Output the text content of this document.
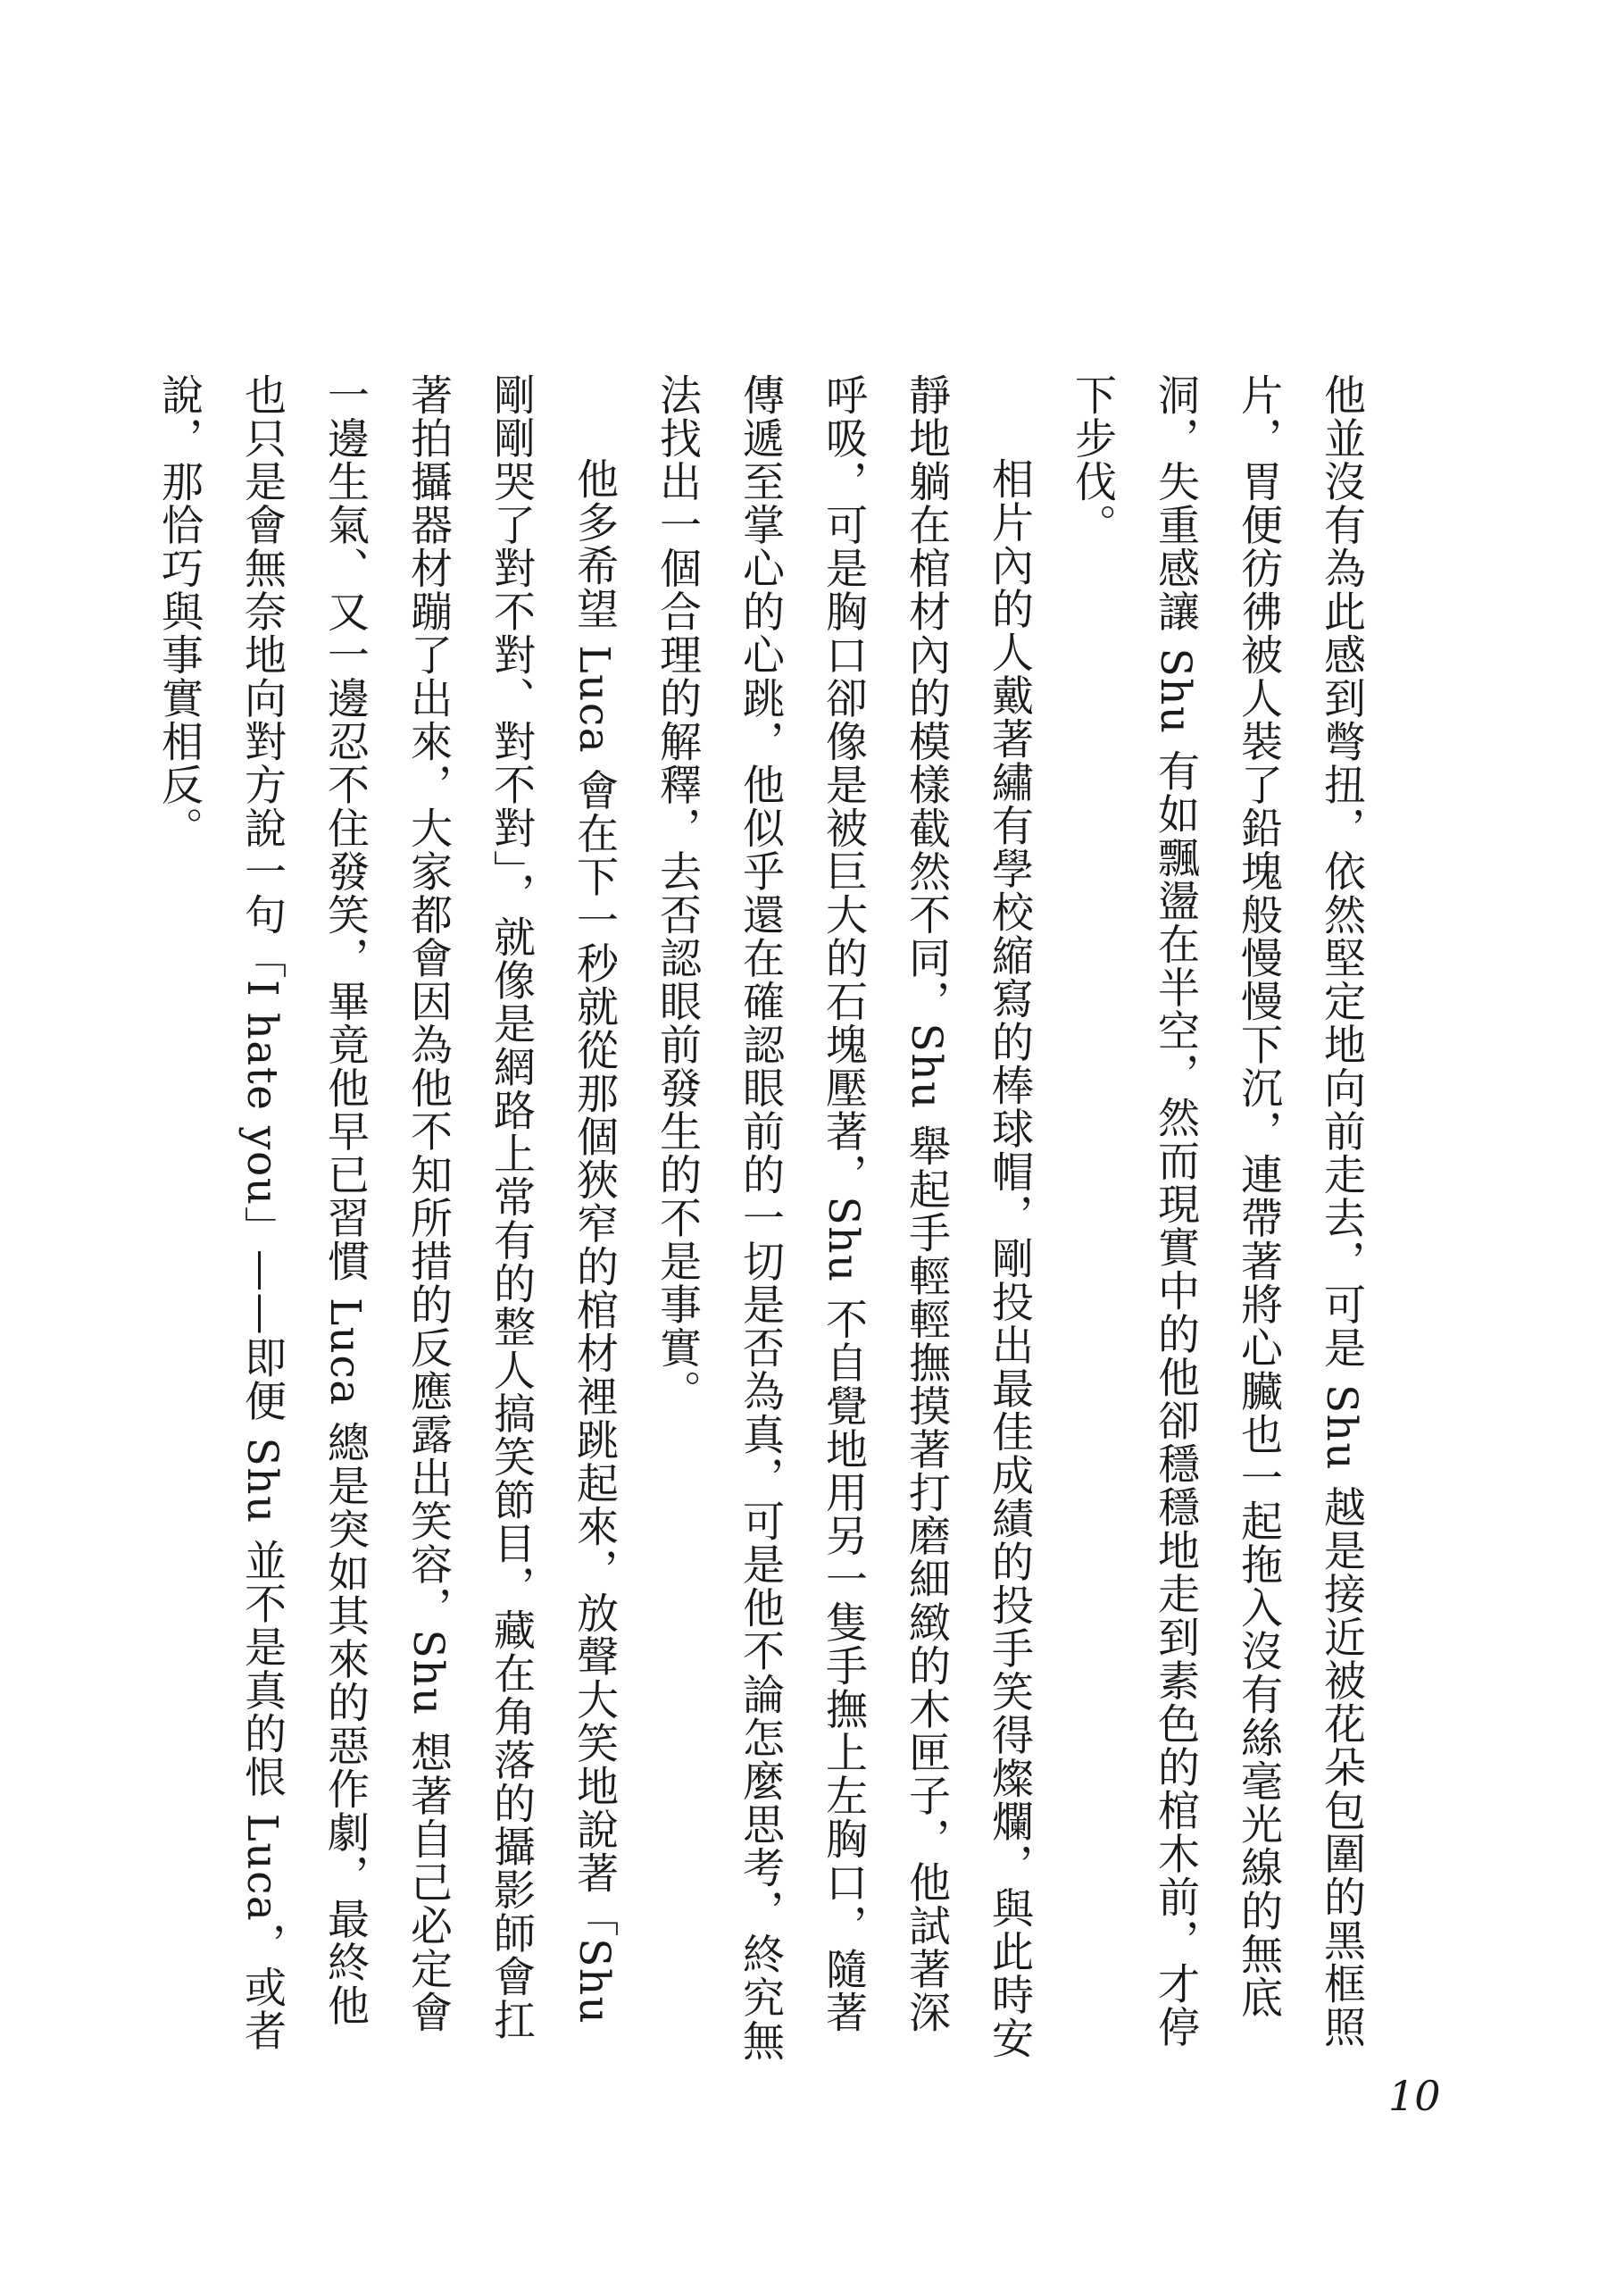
他並沒有為此感到彆扭，依然堅定地向前走去，可是 Shu 越是接近被花朵包圍的黑框照片，胃便彷彿被人裝了鉛塊般慢慢下沉，連帶著將心臟也一起拖入沒有絲毫光線的無底洞，失重感讓 Shu 有如飄盪在半空，然而現實中的他卻穩穩地走到素色的棺木前，才停下步伐。

相片內的人戴著繡有學校縮寫的棒球帽，剛投出最佳成績的投手笑得燦爛，與此時安靜地躺在棺材內的模樣截然不同，Shu 舉起手輕輕撫摸著打磨細緻的木匣子，他試著深呼吸，可是胸口卻像是被巨大的石塊壓著，Shu 不自覺地用另一隻手撫上左胸口，隨著傳遞至掌心的心跳，他似乎還在確認眼前的一切是否為真，可是他不論怎麼思考，終究無法找出一個合理的解釋，去否認眼前發生的不是事實。

他多希望 Luca 會在下一秒就從那個狹窄的棺材裡跳起來，放聲大笑地說著「Shu 剛剛哭了對不對、對不對」，就像是網路上常有的整人搞笑節目，藏在角落的攝影師會扛著拍攝器材蹦了出來，大家都會因為他不知所措的反應露出笑容，Shu 想著自己必定會一邊生氣、又一邊忍不住發笑，畢竟他早已習慣 Luca 總是突如其來的惡作劇，最終他也只是會無奈地向對方說一句「I hate you」——即便 Shu 並不是真的恨 Luca，或者說，那恰巧與事實相反。

10
